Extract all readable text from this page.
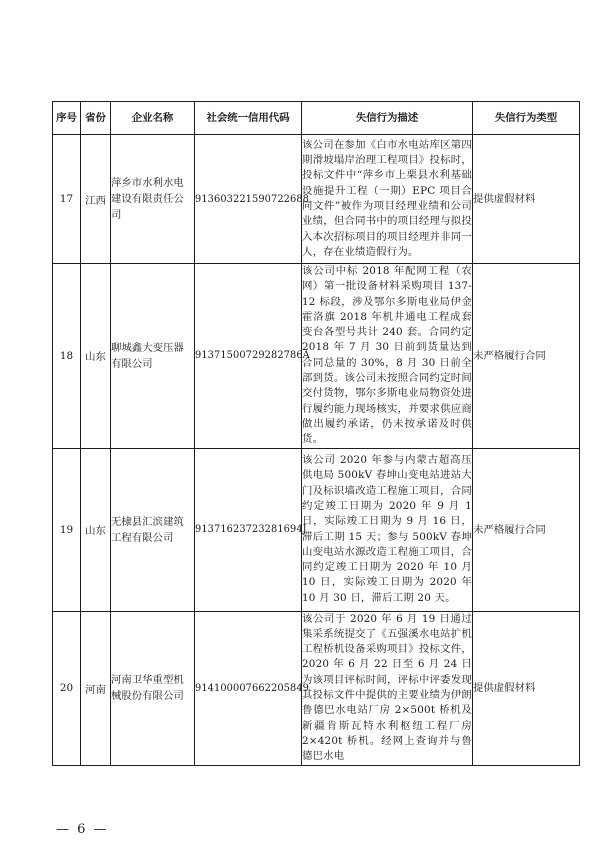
序号	省份	企业名称	社会统一信用代码	失信行为描述	失信行为类型
17	江西	萍乡市水利水电建设有限责任公司	913603221590722688	该公司在参加《白市水电站库区第四期滑坡塌岸治理工程项目》投标时，投标文件中“萍乡市上栗县水利基础设施提升工程（一期）EPC 项目合同文件”被作为项目经理业绩和公司业绩，但合同书中的项目经理与拟投入本次招标项目的项目经理并非同一人，存在业绩造假行为。	提供虚假材料
18	山东	聊城鑫大变压器有限公司	91371500729282786A	该公司中标 2018 年配网工程（农网）第一批设备材料采购项目 137-12 标段，涉及鄂尔多斯电业局伊金霍洛旗 2018 年机井通电工程成套变台各型号共计 240 套。合同约定 2018 年 7 月 30 日前到货量达到合同总量的 30%，8 月 30 日前全部到货。该公司未按照合同约定时间交付货物，鄂尔多斯电业局物资处进行履约能力现场核实，并要求供应商做出履约承诺，仍未按承诺及时供货。	未严格履行合同
19	山东	无棣县汇滨建筑工程有限公司	91371623723281694J	该公司 2020 年参与内蒙古超高压供电局 500kV 春坤山变电站进站大门及标识墙改造工程施工项目，合同约定竣工日期为 2020 年 9 月 1 日，实际竣工日期为 9 月 16 日，滞后工期 15 天；参与 500kV 春坤山变电站水源改造工程施工项目，合同约定竣工日期为 2020 年 10 月 10 日，实际竣工日期为 2020 年 10 月 30 日，滞后工期 20 天。	未严格履行合同
20	河南	河南卫华重型机械股份有限公司	914100007662205849	该公司于 2020 年 6 月 19 日通过集采系统提交了《五强溪水电站扩机工程桥机设备采购项目》投标文件，2020 年 6 月 22 日至 6 月 24 日为该项目评标时间，评标中评委发现其投标文件中提供的主要业绩为伊朗鲁德巴水电站厂房 2×500t 桥机及新疆肯斯瓦特水利枢纽工程厂房 2×420t 桥机。经网上查询并与鲁德巴水电	提供虚假材料
— 6 —
